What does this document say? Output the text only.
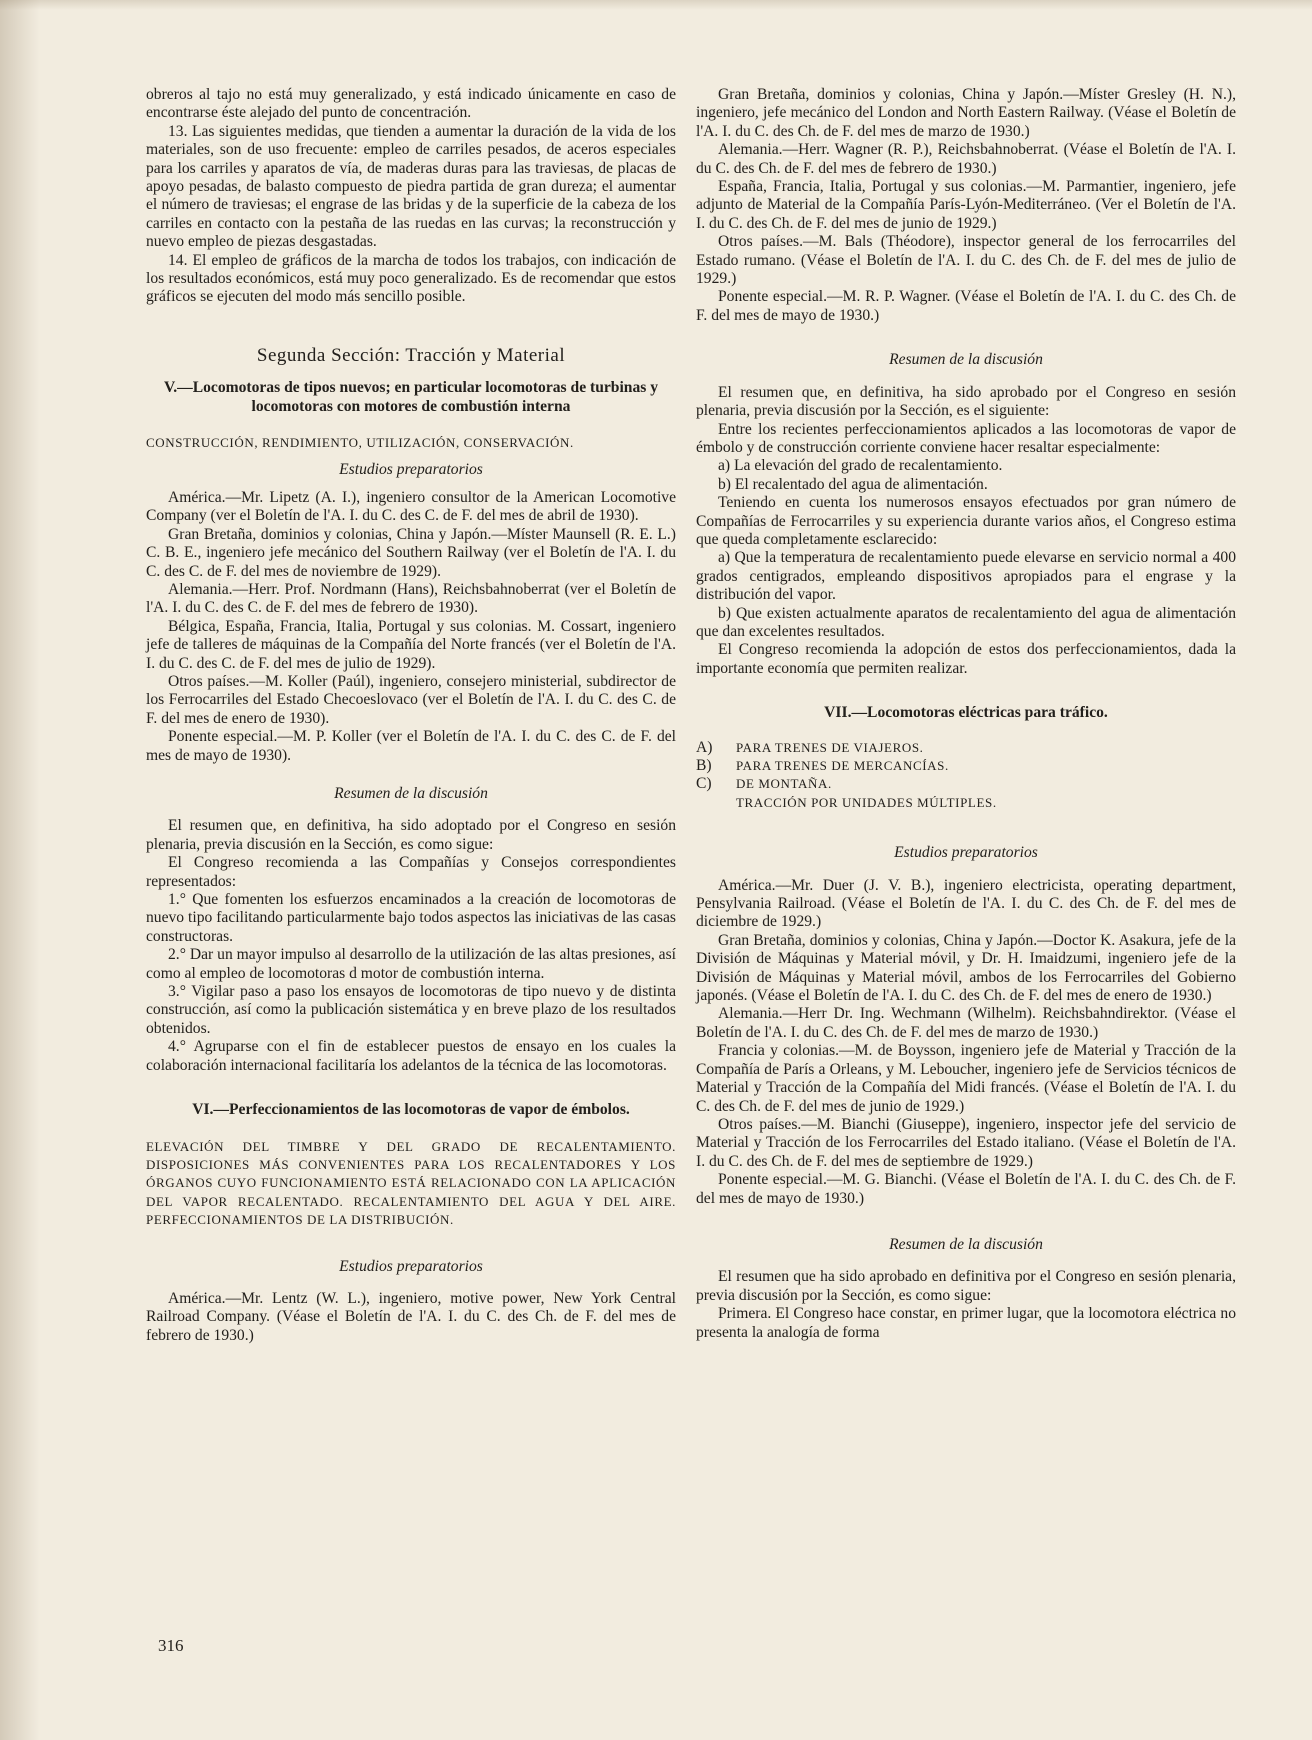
obreros al tajo no está muy generalizado, y está indicado únicamente en caso de encontrarse éste alejado del punto de concentración.

13. Las siguientes medidas, que tienden a aumentar la duración de la vida de los materiales, son de uso frecuente: empleo de carriles pesados, de aceros especiales para los carriles y aparatos de vía, de maderas duras para las traviesas, de placas de apoyo pesadas, de balasto compuesto de piedra partida de gran dureza; el aumentar el número de traviesas; el engrase de las bridas y de la superficie de la cabeza de los carriles en contacto con la pestaña de las ruedas en las curvas; la reconstrucción y nuevo empleo de piezas desgastadas.

14. El empleo de gráficos de la marcha de todos los trabajos, con indicación de los resultados económicos, está muy poco generalizado. Es de recomendar que estos gráficos se ejecuten del modo más sencillo posible.

Segunda Sección: Tracción y Material
V.—Locomotoras de tipos nuevos; en particular locomotoras de turbinas y locomotoras con motores de combustión interna
CONSTRUCCIÓN, RENDIMIENTO, UTILIZACIÓN, CONSERVACIÓN.
Estudios preparatorios

América.—Mr. Lipetz (A. I.), ingeniero consultor de la American Locomotive Company (ver el Boletín de l'A. I. du C. des C. de F. del mes de abril de 1930).

Gran Bretaña, dominios y colonias, China y Japón.—Míster Maunsell (R. E. L.) C. B. E., ingeniero jefe mecánico del Southern Railway (ver el Boletín de l'A. I. du C. des C. de F. del mes de noviembre de 1929).

Alemania.—Herr. Prof. Nordmann (Hans), Reichsbahnoberrat (ver el Boletín de l'A. I. du C. des C. de F. del mes de febrero de 1930).

Bélgica, España, Francia, Italia, Portugal y sus colonias. M. Cossart, ingeniero jefe de talleres de máquinas de la Compañía del Norte francés (ver el Boletín de l'A. I. du C. des C. de F. del mes de julio de 1929).

Otros países.—M. Koller (Paúl), ingeniero, consejero ministerial, subdirector de los Ferrocarriles del Estado Checoeslovaco (ver el Boletín de l'A. I. du C. des C. de F. del mes de enero de 1930).

Ponente especial.—M. P. Koller (ver el Boletín de l'A. I. du C. des C. de F. del mes de mayo de 1930).

Resumen de la discusión

El resumen que, en definitiva, ha sido adoptado por el Congreso en sesión plenaria, previa discusión en la Sección, es como sigue:

El Congreso recomienda a las Compañías y Consejos correspondientes representados:

1.° Que fomenten los esfuerzos encaminados a la creación de locomotoras de nuevo tipo facilitando particularmente bajo todos aspectos las iniciativas de las casas constructoras.

2.° Dar un mayor impulso al desarrollo de la utilización de las altas presiones, así como al empleo de locomotoras d motor de combustión interna.

3.° Vigilar paso a paso los ensayos de locomotoras de tipo nuevo y de distinta construcción, así como la publicación sistemática y en breve plazo de los resultados obtenidos.

4.° Agruparse con el fin de establecer puestos de ensayo en los cuales la colaboración internacional facilitaría los adelantos de la técnica de las locomotoras.

VI.—Perfeccionamientos de las locomotoras de vapor de émbolos.
ELEVACIÓN DEL TIMBRE Y DEL GRADO DE RECALENTAMIENTO. DISPOSICIONES MÁS CONVENIENTES PARA LOS RECALENTADORES Y LOS ÓRGANOS CUYO FUNCIONAMIENTO ESTÁ RELACIONADO CON LA APLICACIÓN DEL VAPOR RECALENTADO. RECALENTAMIENTO DEL AGUA Y DEL AIRE. PERFECCIONAMIENTOS DE LA DISTRIBUCIÓN.
Estudios preparatorios

América.—Mr. Lentz (W. L.), ingeniero, motive power, New York Central Railroad Company. (Véase el Boletín de l'A. I. du C. des Ch. de F. del mes de febrero de 1930.)

Gran Bretaña, dominios y colonias, China y Japón.—Míster Gresley (H. N.), ingeniero, jefe mecánico del London and North Eastern Railway. (Véase el Boletín de l'A. I. du C. des Ch. de F. del mes de marzo de 1930.)

Alemania.—Herr. Wagner (R. P.), Reichsbahnoberrat. (Véase el Boletín de l'A. I. du C. des Ch. de F. del mes de febrero de 1930.)

España, Francia, Italia, Portugal y sus colonias.—M. Parmantier, ingeniero, jefe adjunto de Material de la Compañía París-Lyón-Mediterráneo. (Ver el Boletín de l'A. I. du C. des Ch. de F. del mes de junio de 1929.)

Otros países.—M. Bals (Théodore), inspector general de los ferrocarriles del Estado rumano. (Véase el Boletín de l'A. I. du C. des Ch. de F. del mes de julio de 1929.)

Ponente especial.—M. R. P. Wagner. (Véase el Boletín de l'A. I. du C. des Ch. de F. del mes de mayo de 1930.)

Resumen de la discusión

El resumen que, en definitiva, ha sido aprobado por el Congreso en sesión plenaria, previa discusión por la Sección, es el siguiente:

Entre los recientes perfeccionamientos aplicados a las locomotoras de vapor de émbolo y de construcción corriente conviene hacer resaltar especialmente:

a) La elevación del grado de recalentamiento.

b) El recalentado del agua de alimentación.

Teniendo en cuenta los numerosos ensayos efectuados por gran número de Compañías de Ferrocarriles y su experiencia durante varios años, el Congreso estima que queda completamente esclarecido:

a) Que la temperatura de recalentamiento puede elevarse en servicio normal a 400 grados centigrados, empleando dispositivos apropiados para el engrase y la distribución del vapor.

b) Que existen actualmente aparatos de recalentamiento del agua de alimentación que dan excelentes resultados.

El Congreso recomienda la adopción de estos dos perfeccionamientos, dada la importante economía que permiten realizar.

VII.—Locomotoras eléctricas para tráfico.
A)	PARA TRENES DE VIAJEROS.
B)	PARA TRENES DE MERCANCÍAS.
C)	DE MONTAÑA.
TRACCIÓN POR UNIDADES MÚLTIPLES.
Estudios preparatorios

América.—Mr. Duer (J. V. B.), ingeniero electricista, operating department, Pensylvania Railroad. (Véase el Boletín de l'A. I. du C. des Ch. de F. del mes de diciembre de 1929.)

Gran Bretaña, dominios y colonias, China y Japón.—Doctor K. Asakura, jefe de la División de Máquinas y Material móvil, y Dr. H. Imaidzumi, ingeniero jefe de la División de Máquinas y Material móvil, ambos de los Ferrocarriles del Gobierno japonés. (Véase el Boletín de l'A. I. du C. des Ch. de F. del mes de enero de 1930.)

Alemania.—Herr Dr. Ing. Wechmann (Wilhelm). Reichsbahndirektor. (Véase el Boletín de l'A. I. du C. des Ch. de F. del mes de marzo de 1930.)

Francia y colonias.—M. de Boysson, ingeniero jefe de Material y Tracción de la Compañía de París a Orleans, y M. Leboucher, ingeniero jefe de Servicios técnicos de Material y Tracción de la Compañía del Midi francés. (Véase el Boletín de l'A. I. du C. des Ch. de F. del mes de junio de 1929.)

Otros países.—M. Bianchi (Giuseppe), ingeniero, inspector jefe del servicio de Material y Tracción de los Ferrocarriles del Estado italiano. (Véase el Boletín de l'A. I. du C. des Ch. de F. del mes de septiembre de 1929.)

Ponente especial.—M. G. Bianchi. (Véase el Boletín de l'A. I. du C. des Ch. de F. del mes de mayo de 1930.)

Resumen de la discusión

El resumen que ha sido aprobado en definitiva por el Congreso en sesión plenaria, previa discusión por la Sección, es como sigue:

Primera. El Congreso hace constar, en primer lugar, que la locomotora eléctrica no presenta la analogía de forma

316
